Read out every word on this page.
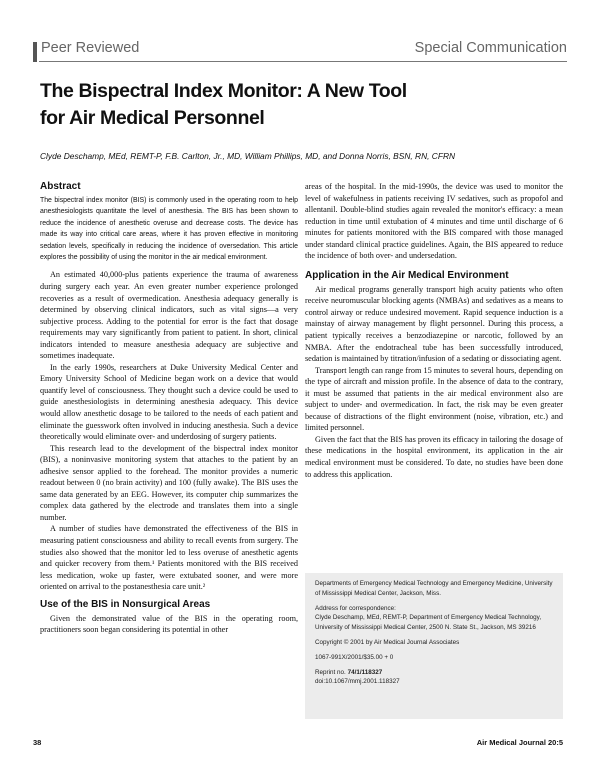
Peer Reviewed	Special Communication
The Bispectral Index Monitor: A New Tool
for Air Medical Personnel
Clyde Deschamp, MEd, REMT-P, F.B. Carlton, Jr., MD, William Phillips, MD, and Donna Norris, BSN, RN, CFRN
Abstract

The bispectral index monitor (BIS) is commonly used in the operating room to help anesthesiologists quantitate the level of anesthesia. The BIS has been shown to reduce the incidence of anesthetic overuse and decrease costs. The device has made its way into critical care areas, where it has proven effective in monitoring sedation levels, specifically in reducing the incidence of oversedation. This article explores the possibility of using the monitor in the air medical environment.

An estimated 40,000-plus patients experience the trauma of awareness during surgery each year. An even greater number experience prolonged recoveries as a result of overmedication. Anesthesia adequacy generally is determined by observing clinical indicators, such as vital signs—a very subjective process. Adding to the potential for error is the fact that dosage requirements may vary significantly from patient to patient. In short, clinical indicators intended to measure anesthesia adequacy are subjective and sometimes inadequate.

In the early 1990s, researchers at Duke University Medical Center and Emory University School of Medicine began work on a device that would quantify level of consciousness. They thought such a device could be used to guide anesthesiologists in determining anesthesia adequacy. This device would allow anesthetic dosage to be tailored to the needs of each patient and eliminate the guesswork often involved in inducing anesthesia. Such a device theoretically would eliminate over- and underdosing of surgery patients.

This research lead to the development of the bispectral index monitor (BIS), a noninvasive monitoring system that attaches to the patient by an adhesive sensor applied to the forehead. The monitor provides a numeric readout between 0 (no brain activity) and 100 (fully awake). The BIS uses the same data generated by an EEG. However, its computer chip summarizes the complex data gathered by the electrode and translates them into a single number.

A number of studies have demonstrated the effectiveness of the BIS in measuring patient consciousness and ability to recall events from surgery. The studies also showed that the monitor led to less overuse of anesthetic agents and quicker recovery from them.¹ Patients monitored with the BIS received less medication, woke up faster, were extubated sooner, and were more oriented on arrival to the postanesthesia care unit.²

Use of the BIS in Nonsurgical Areas

Given the demonstrated value of the BIS in the operating room, practitioners soon began considering its potential in other

areas of the hospital. In the mid-1990s, the device was used to monitor the level of wakefulness in patients receiving IV sedatives, such as propofol and allentanil. Double-blind studies again revealed the monitor's efficacy: a mean reduction in time until extubation of 4 minutes and time until discharge of 6 minutes for patients monitored with the BIS compared with those managed under standard clinical practice guidelines. Again, the BIS appeared to reduce the incidence of both over- and undersedation.

Application in the Air Medical Environment

Air medical programs generally transport high acuity patients who often receive neuromuscular blocking agents (NMBAs) and sedatives as a means to control airway or reduce undesired movement. Rapid sequence induction is a mainstay of airway management by flight personnel. During this process, a patient typically receives a benzodiazepine or narcotic, followed by an NMBA. After the endotracheal tube has been successfully introduced, sedation is maintained by titration/infusion of a sedating or dissociating agent.

Transport length can range from 15 minutes to several hours, depending on the type of aircraft and mission profile. In the absence of data to the contrary, it must be assumed that patients in the air medical environment also are subject to under- and overmedication. In fact, the risk may be even greater because of distractions of the flight environment (noise, vibration, etc.) and limited personnel.

Given the fact that the BIS has proven its efficacy in tailoring the dosage of these medications in the hospital environment, its application in the air medical environment must be considered. To date, no studies have been done to address this application.

Departments of Emergency Medical Technology and Emergency Medicine, University of Mississippi Medical Center, Jackson, Miss.

Address for correspondence:
Clyde Deschamp, MEd, REMT-P, Department of Emergency Medical Technology, University of Mississippi Medical Center, 2500 N. State St., Jackson, MS 39216

Copyright © 2001 by Air Medical Journal Associates

1067-991X/2001/$35.00 + 0

Reprint no. 74/1/118327

doi:10.1067/mmj.2001.118327

38	Air Medical Journal 20:5
